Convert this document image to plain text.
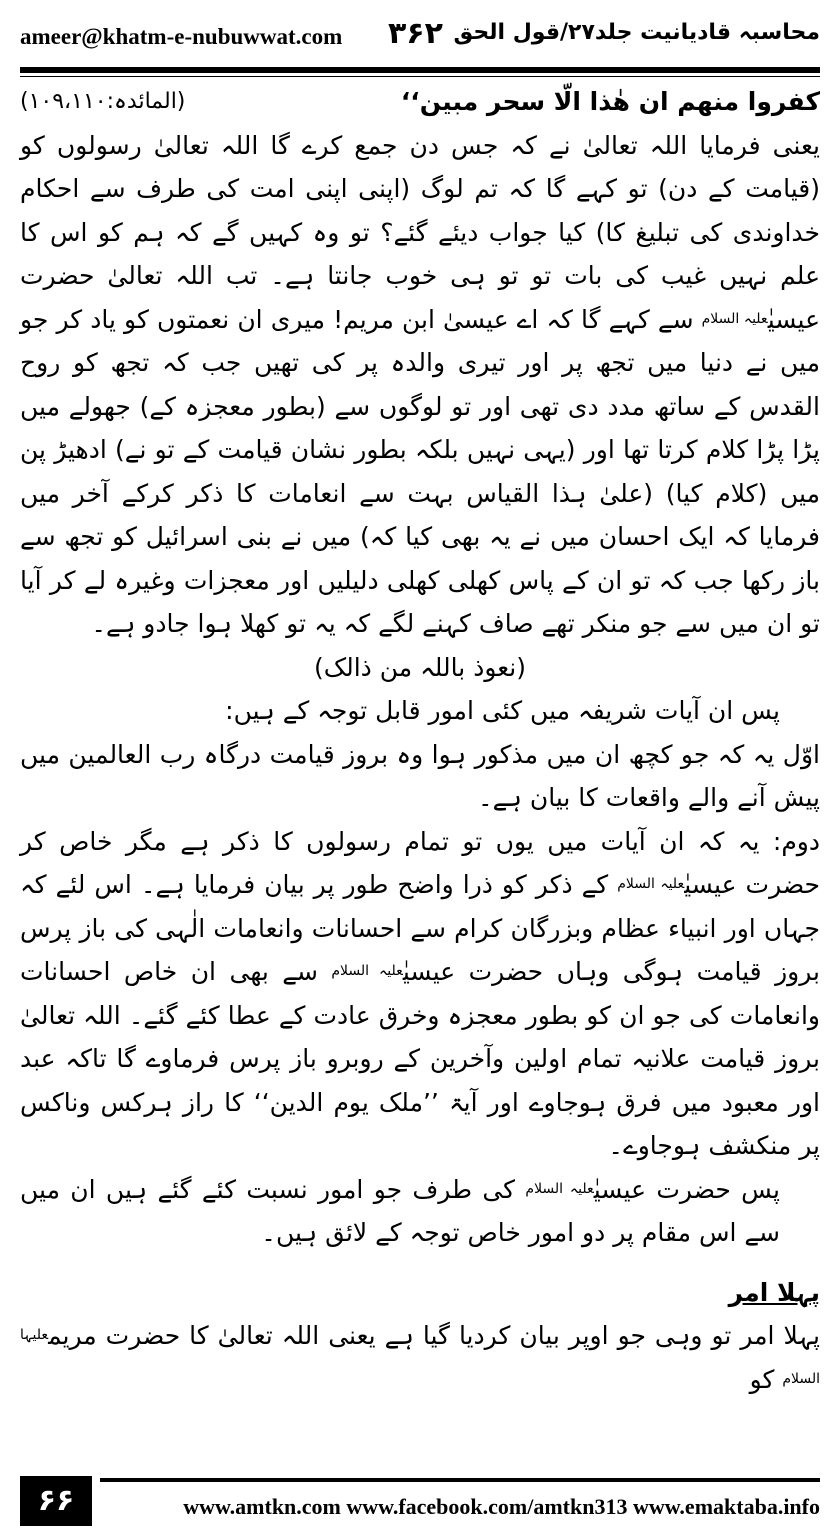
ameer@khatm-e-nubuwwat.com ۳۶۲ محاسبہ قادیانیت جلد۲۷/قول الحق

کفروا منھم ان ھٰذا الّا سحر مبین‘‘
(المائدہ:۱۰۹،۱۱۰)

یعنی فرمایا اللہ تعالیٰ نے کہ جس دن جمع کرے گا اللہ تعالیٰ رسولوں کو (قیامت کے دن) تو کہے گا کہ تم لوگ (اپنی اپنی امت کی طرف سے احکام خداوندی کی تبلیغ کا) کیا جواب دیئے گئے؟ تو وہ کہیں گے کہ ہم کو اس کا علم نہیں غیب کی بات تو تو ہی خوب جانتا ہے۔ تب اللہ تعالیٰ حضرت عیسیٰ$^{علیہ السلام}$ سے کہے گا کہ اے عیسیٰ ابن مریم! میری ان نعمتوں کو یاد کر جو میں نے دنیا میں تجھ پر اور تیری والدہ پر کی تھیں جب کہ تجھ کو روح القدس کے ساتھ مدد دی تھی اور تو لوگوں سے (بطور معجزہ کے) جھولے میں پڑا پڑا کلام کرتا تھا اور (یہی نہیں بلکہ بطور نشان قیامت کے تو نے) ادھیڑ پن میں (کلام کیا) (علیٰ ہذا القیاس بہت سے انعامات کا ذکر کرکے آخر میں فرمایا کہ ایک احسان میں نے یہ بھی کیا کہ) میں نے بنی اسرائیل کو تجھ سے باز رکھا جب کہ تو ان کے پاس کھلی کھلی دلیلیں اور معجزات وغیرہ لے کر آیا تو ان میں سے جو منکر تھے صاف کہنے لگے کہ یہ تو کھلا ہوا جادو ہے۔

(نعوذ باللہ من ذالک)

پس ان آیات شریفہ میں کئی امور قابل توجہ کے ہیں:

اوّل یہ کہ جو کچھ ان میں مذکور ہوا وہ بروز قیامت درگاہ رب العالمین میں پیش آنے والے واقعات کا بیان ہے۔

دوم: یہ کہ ان آیات میں یوں تو تمام رسولوں کا ذکر ہے مگر خاص کر حضرت عیسیٰ$^{علیہ السلام}$ کے ذکر کو ذرا واضح طور پر بیان فرمایا ہے۔ اس لئے کہ جہاں اور انبیاء عظام وبزرگان کرام سے احسانات وانعامات الٰہی کی باز پرس بروز قیامت ہوگی وہاں حضرت عیسیٰ$^{علیہ السلام}$ سے بھی ان خاص احسانات وانعامات کی جو ان کو بطور معجزہ وخرق عادت کے عطا کئے گئے۔ اللہ تعالیٰ بروز قیامت علانیہ تمام اولین وآخرین کے روبرو باز پرس فرماوے گا تاکہ عبد اور معبود میں فرق ہوجاوے اور آیۃ ’’ملک یوم الدین‘‘ کا راز ہرکس وناکس پر منکشف ہوجاوے۔

پس حضرت عیسیٰ$^{علیہ السلام}$ کی طرف جو امور نسبت کئے گئے ہیں ان میں سے اس مقام پر دو امور خاص توجہ کے لائق ہیں۔

پہلا امر

پہلا امر تو وہی جو اوپر بیان کردیا گیا ہے یعنی اللہ تعالیٰ کا حضرت مریم$^{علیہا السلام}$ کو

۶۶	www.amtkn.com www.facebook.com/amtkn313 www.emaktaba.info
